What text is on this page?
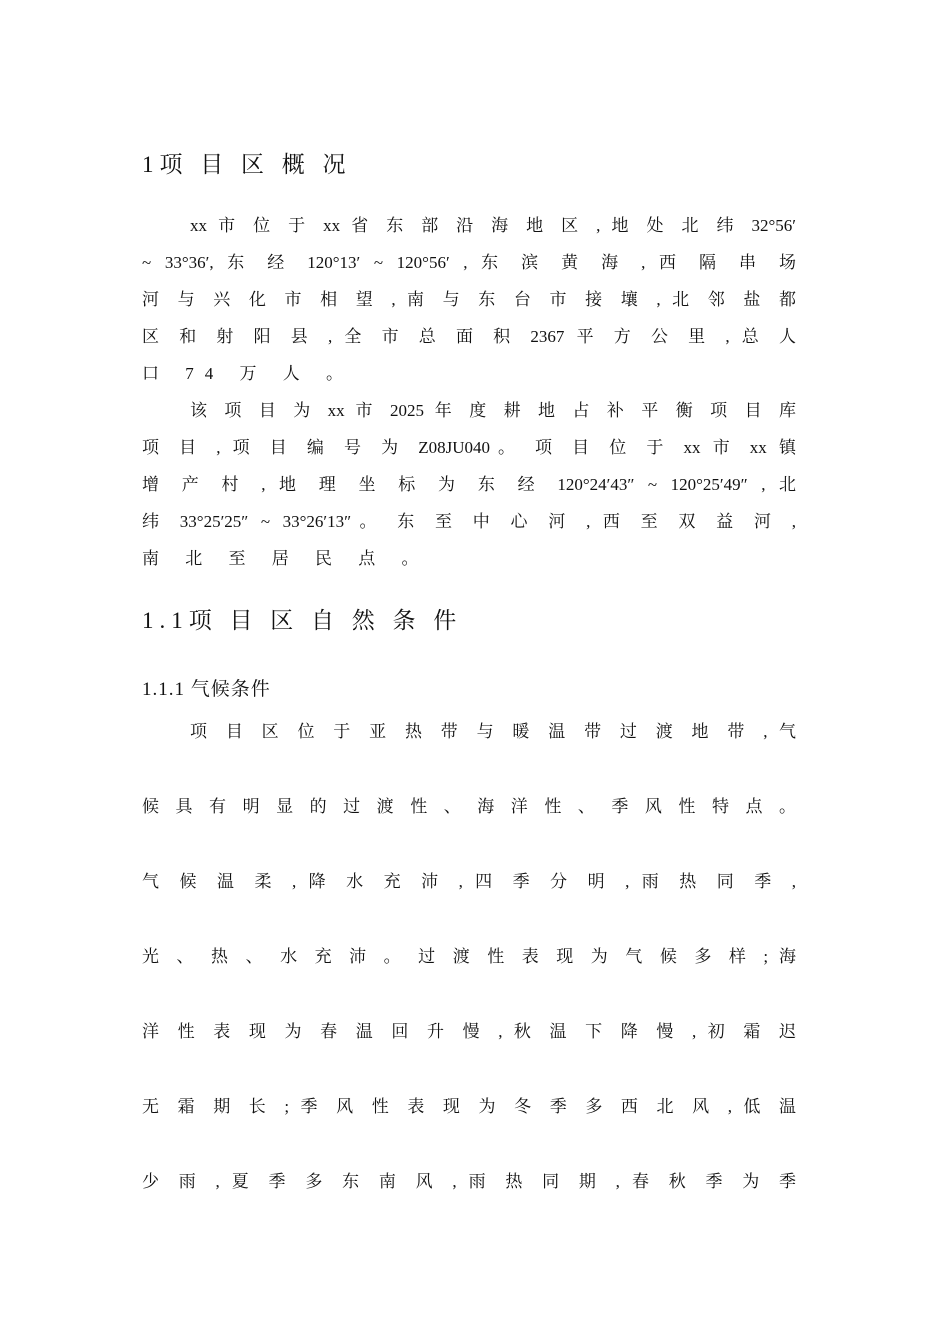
1项 目 区 概 况
xx 市 位 于 xx 省 东 部 沿 海 地 区 , 地 处 北 纬 32°56′
~ 33°36′, 东 经 120°13′ ~ 120°56′ , 东 滨 黄 海 , 西 隔 串 场
河 与 兴 化 市 相 望 , 南 与 东 台 市 接 壤 , 北 邻 盐 都
区 和 射 阳 县 , 全 市 总 面 积 2367 平 方 公 里 , 总 人
口 74 万 人 。
该 项 目 为 xx 市 2025 年 度 耕 地 占 补 平 衡 项 目 库
项 目 , 项 目 编 号 为 Z08JU040。 项 目 位 于 xx 市 xx 镇
增 产 村 , 地 理 坐 标 为 东 经 120°24′43″ ~ 120°25′49″ , 北
纬 33°25′25″ ~ 33°26′13″。 东 至 中 心 河 , 西 至 双 益 河 ,
南 北 至 居 民 点 。
1.1项 目 区 自 然 条 件
1.1.1 气候条件
项 目 区 位 于 亚 热 带 与 暖 温 带 过 渡 地 带 , 气
候 具 有 明 显 的 过 渡 性 、 海 洋 性 、 季 风 性 特 点 。
气 候 温 柔 , 降 水 充 沛 , 四 季 分 明 , 雨 热 同 季 ,
光 、 热 、 水 充 沛 。 过 渡 性 表 现 为 气 候 多 样 ; 海
洋 性 表 现 为 春 温 回 升 慢 , 秋 温 下 降 慢 , 初 霜 迟
无 霜 期 长 ; 季 风 性 表 现 为 冬 季 多 西 北 风 , 低 温
少 雨 , 夏 季 多 东 南 风 , 雨 热 同 期 , 春 秋 季 为 季
